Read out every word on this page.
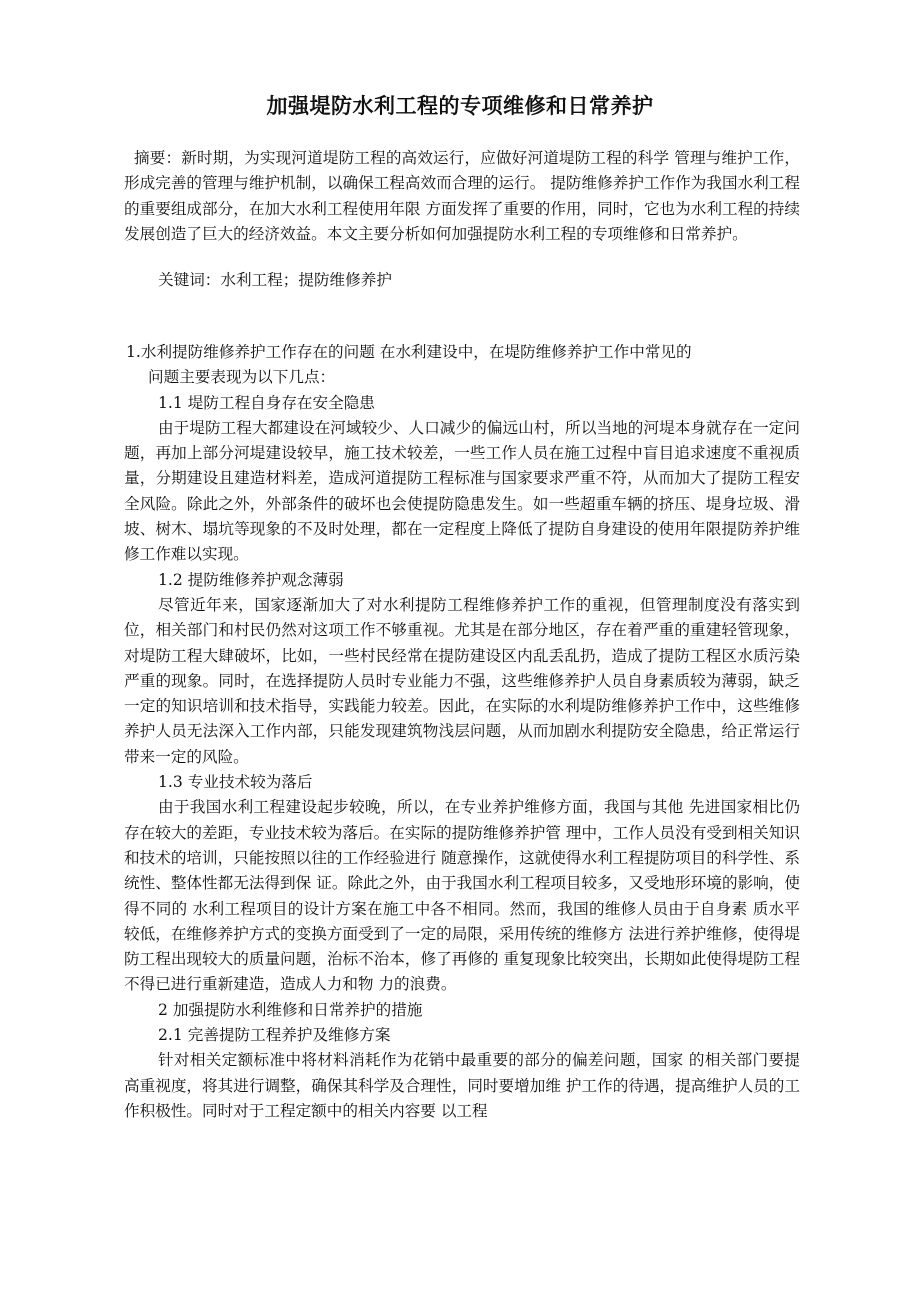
加强堤防水利工程的专项维修和日常养护

摘要：新时期，为实现河道堤防工程的高效运行，应做好河道堤防工程的科学 管理与维护工作，形成完善的管理与维护机制，以确保工程高效而合理的运行。 提防维修养护工作作为我国水利工程的重要组成部分，在加大水利工程使用年限 方面发挥了重要的作用，同时，它也为水利工程的持续发展创造了巨大的经济效益。本文主要分析如何加强提防水利工程的专项维修和日常养护。

关键词：水利工程；提防维修养护

1.水利提防维修养护工作存在的问题 在水利建设中，在堤防维修养护工作中常见的

问题主要表现为以下几点：

1.1 堤防工程自身存在安全隐患

由于堤防工程大都建设在河域较少、人口减少的偏远山村，所以当地的河堤本身就存在一定问题，再加上部分河堤建设较早，施工技术较差，一些工作人员在施工过程中盲目追求速度不重视质量，分期建设且建造材料差，造成河道提防工程标准与国家要求严重不符，从而加大了提防工程安全风险。除此之外，外部条件的破坏也会使提防隐患发生。如一些超重车辆的挤压、堤身垃圾、滑坡、树木、塌坑等现象的不及时处理，都在一定程度上降低了提防自身建设的使用年限提防养护维修工作难以实现。

1.2 提防维修养护观念薄弱

尽管近年来，国家逐渐加大了对水利提防工程维修养护工作的重视，但管理制度没有落实到位，相关部门和村民仍然对这项工作不够重视。尤其是在部分地区，存在着严重的重建轻管现象，对堤防工程大肆破坏，比如，一些村民经常在提防建设区内乱丢乱扔，造成了提防工程区水质污染严重的现象。同时，在选择提防人员时专业能力不强，这些维修养护人员自身素质较为薄弱，缺乏一定的知识培训和技术指导，实践能力较差。因此，在实际的水利堤防维修养护工作中，这些维修养护人员无法深入工作内部，只能发现建筑物浅层问题，从而加剧水利提防安全隐患，给正常运行带来一定的风险。

1.3 专业技术较为落后

由于我国水利工程建设起步较晚，所以，在专业养护维修方面，我国与其他 先进国家相比仍存在较大的差距，专业技术较为落后。在实际的提防维修养护管 理中，工作人员没有受到相关知识和技术的培训，只能按照以往的工作经验进行 随意操作，这就使得水利工程提防项目的科学性、系统性、整体性都无法得到保 证。除此之外，由于我国水利工程项目较多，又受地形环境的影响，使得不同的 水利工程项目的设计方案在施工中各不相同。然而，我国的维修人员由于自身素 质水平较低，在维修养护方式的变换方面受到了一定的局限，采用传统的维修方 法进行养护维修，使得堤防工程出现较大的质量问题，治标不治本，修了再修的 重复现象比较突出，长期如此使得堤防工程不得已进行重新建造，造成人力和物 力的浪费。

2 加强提防水利维修和日常养护的措施

2.1 完善提防工程养护及维修方案

针对相关定额标准中将材料消耗作为花销中最重要的部分的偏差问题，国家 的相关部门要提高重视度，将其进行调整，确保其科学及合理性，同时要增加维 护工作的待遇，提高维护人员的工作积极性。同时对于工程定额中的相关内容要 以工程
